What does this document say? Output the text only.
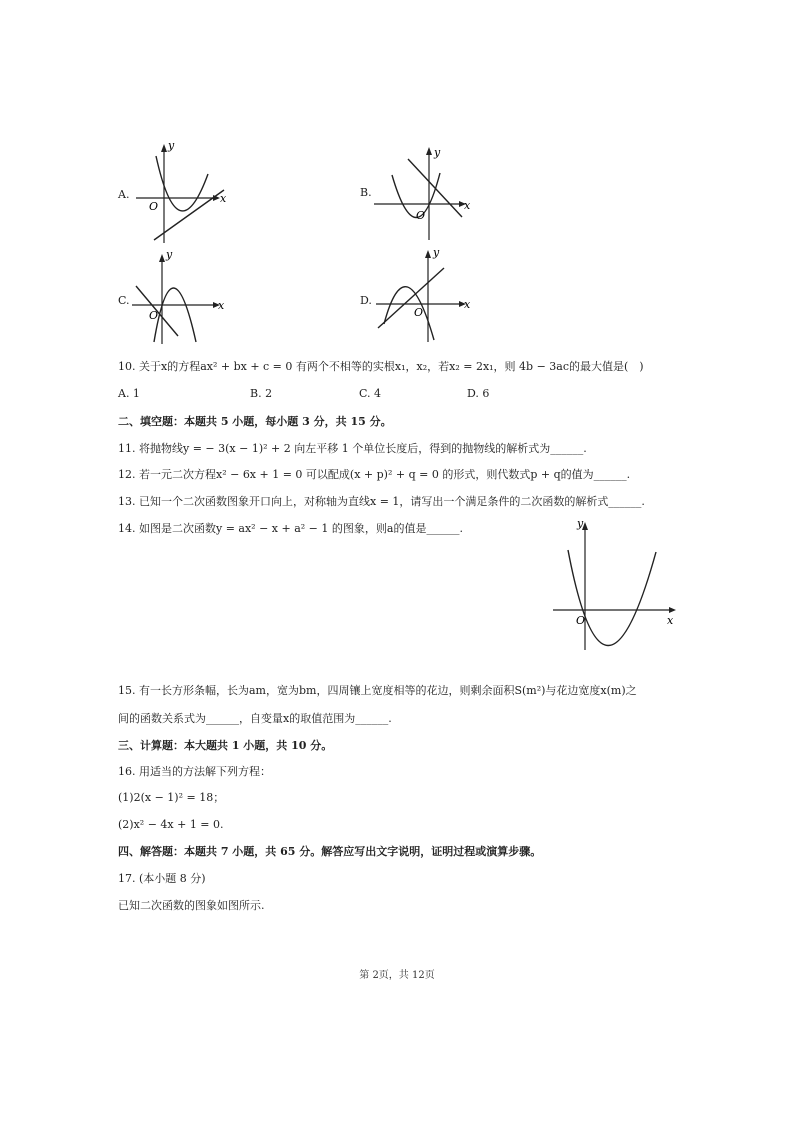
A.	x
y
O
B.
x
y
O
C.	x
y
O
D.	x
y
O
10. 关于x的方程ax² + bx + c = 0 有两个不相等的实根x₁，x₂，若x₂ = 2x₁，则 4b − 3ac的最大值是(　)
A. 1	B. 2	C. 4	D. 6
二、填空题：本题共 5 小题，每小题 3 分，共 15 分。
11. 将抛物线y = − 3(x − 1)² + 2 向左平移 1 个单位长度后，得到的抛物线的解析式为______.
12. 若一元二次方程x² − 6x + 1 = 0 可以配成(x + p)² + q = 0 的形式，则代数式p + q的值为______.
13. 已知一个二次函数图象开口向上，对称轴为直线x = 1，请写出一个满足条件的二次函数的解析式______.
14. 如图是二次函数y = ax² − x + a² − 1 的图象，则a的值是______.
x
y
O
15. 有一长方形条幅，长为am，宽为bm，四周镶上宽度相等的花边，则剩余面积S(m²)与花边宽度x(m)之
间的函数关系式为______，自变量x的取值范围为______.
三、计算题：本大题共 1 小题，共 10 分。
16. 用适当的方法解下列方程：
(1)2(x − 1)² = 18；
(2)x² − 4x + 1 = 0.
四、解答题：本题共 7 小题，共 65 分。解答应写出文字说明，证明过程或演算步骤。
17. (本小题 8 分)
已知二次函数的图象如图所示.
第 2页，共 12页
